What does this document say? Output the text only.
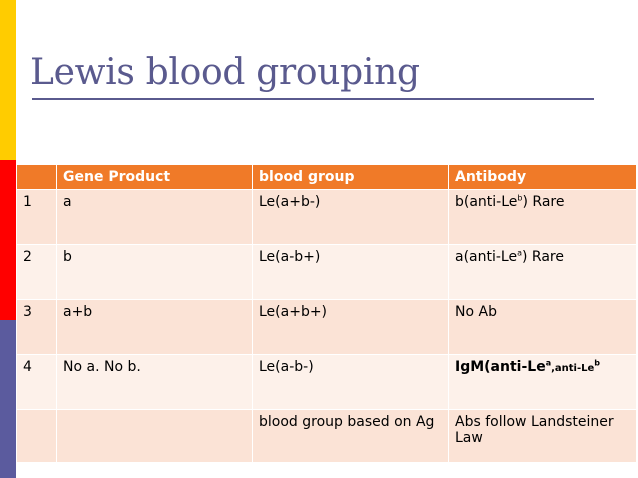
Lewis blood grouping
	Gene Product	blood group	Antibody
1	a	Le(a+b-)	b(anti-Le$^b$) Rare
2	b	Le(a-b+)	a(anti-Le$^a$) Rare
3	a+b	Le(a+b+)	No Ab
4	No a. No b.	Le(a-b-)	IgM(anti-Le$^a$,anti-Le$^b$
		blood group based on Ag	Abs follow Landsteiner Law
